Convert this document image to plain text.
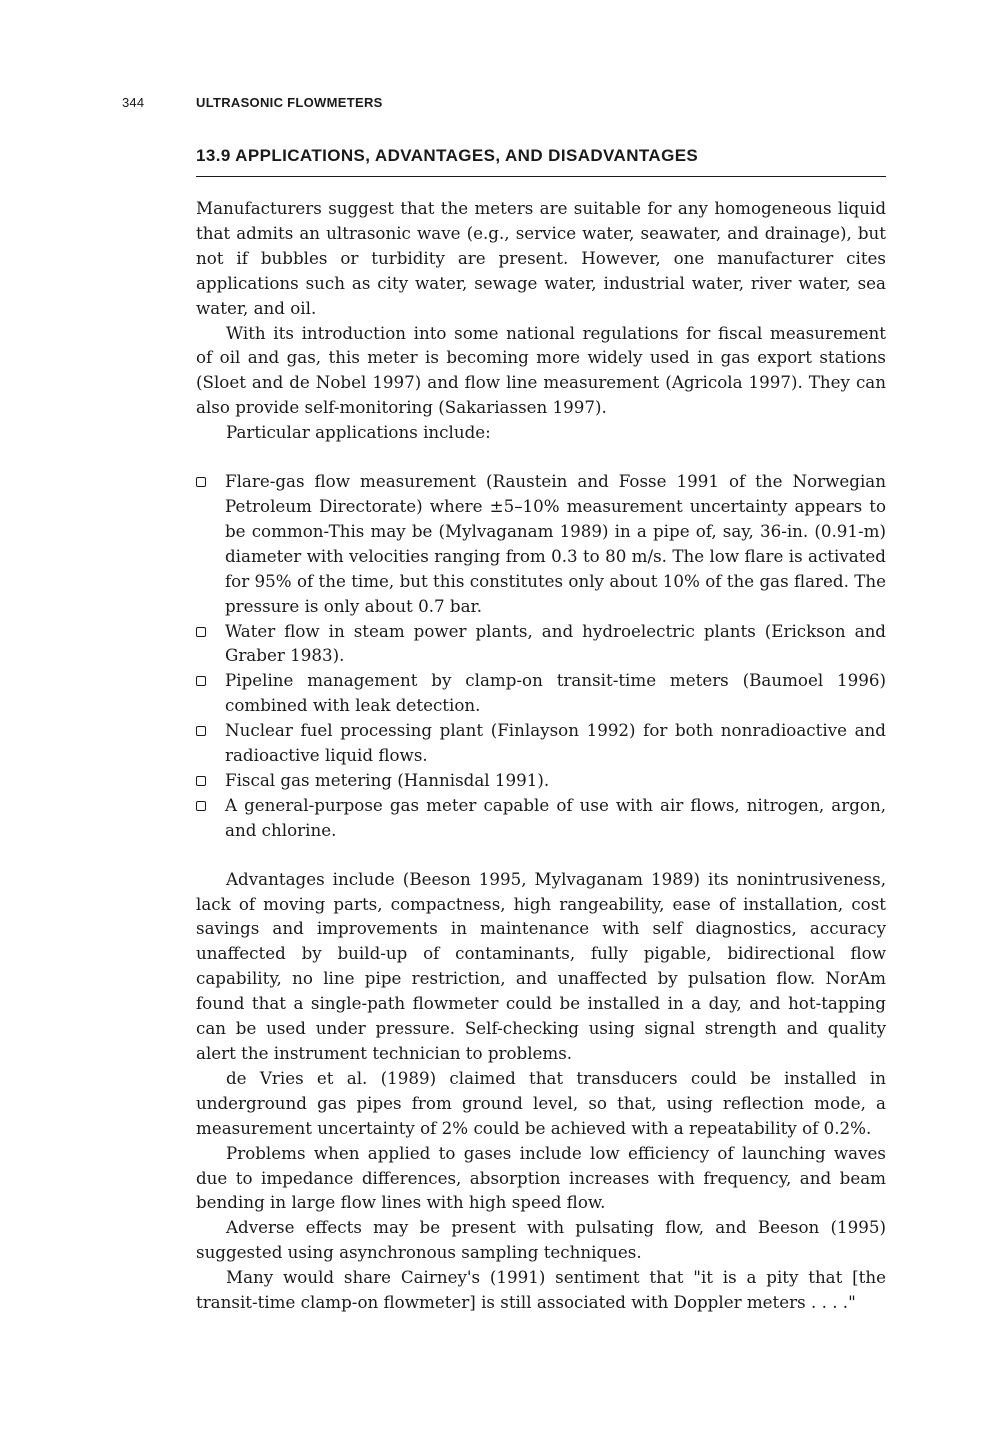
344	ULTRASONIC FLOWMETERS
13.9 APPLICATIONS, ADVANTAGES, AND DISADVANTAGES

Manufacturers suggest that the meters are suitable for any homogeneous liquid that admits an ultrasonic wave (e.g., service water, seawater, and drainage), but not if bubbles or turbidity are present. However, one manufacturer cites applications such as city water, sewage water, industrial water, river water, sea water, and oil.

With its introduction into some national regulations for fiscal measurement of oil and gas, this meter is becoming more widely used in gas export stations (Sloet and de Nobel 1997) and flow line measurement (Agricola 1997). They can also provide self-monitoring (Sakariassen 1997).

Particular applications include:

Flare-gas flow measurement (Raustein and Fosse 1991 of the Norwegian Petroleum Directorate) where ±5–10% measurement uncertainty appears to be common-This may be (Mylvaganam 1989) in a pipe of, say, 36-in. (0.91-m) diameter with velocities ranging from 0.3 to 80 m/s. The low flare is activated for 95% of the time, but this constitutes only about 10% of the gas flared. The pressure is only about 0.7 bar.
Water flow in steam power plants, and hydroelectric plants (Erickson and Graber 1983).
Pipeline management by clamp-on transit-time meters (Baumoel 1996) combined with leak detection.
Nuclear fuel processing plant (Finlayson 1992) for both nonradioactive and radioactive liquid flows.
Fiscal gas metering (Hannisdal 1991).
A general-purpose gas meter capable of use with air flows, nitrogen, argon, and chlorine.

Advantages include (Beeson 1995, Mylvaganam 1989) its nonintrusiveness, lack of moving parts, compactness, high rangeability, ease of installation, cost savings and improvements in maintenance with self diagnostics, accuracy unaffected by build-up of contaminants, fully pigable, bidirectional flow capability, no line pipe restriction, and unaffected by pulsation flow. NorAm found that a single-path flowmeter could be installed in a day, and hot-tapping can be used under pressure. Self-checking using signal strength and quality alert the instrument technician to problems.

de Vries et al. (1989) claimed that transducers could be installed in underground gas pipes from ground level, so that, using reflection mode, a measurement uncertainty of 2% could be achieved with a repeatability of 0.2%.

Problems when applied to gases include low efficiency of launching waves due to impedance differences, absorption increases with frequency, and beam bending in large flow lines with high speed flow.

Adverse effects may be present with pulsating flow, and Beeson (1995) suggested using asynchronous sampling techniques.

Many would share Cairney's (1991) sentiment that "it is a pity that [the transit-time clamp-on flowmeter] is still associated with Doppler meters . . . ."
